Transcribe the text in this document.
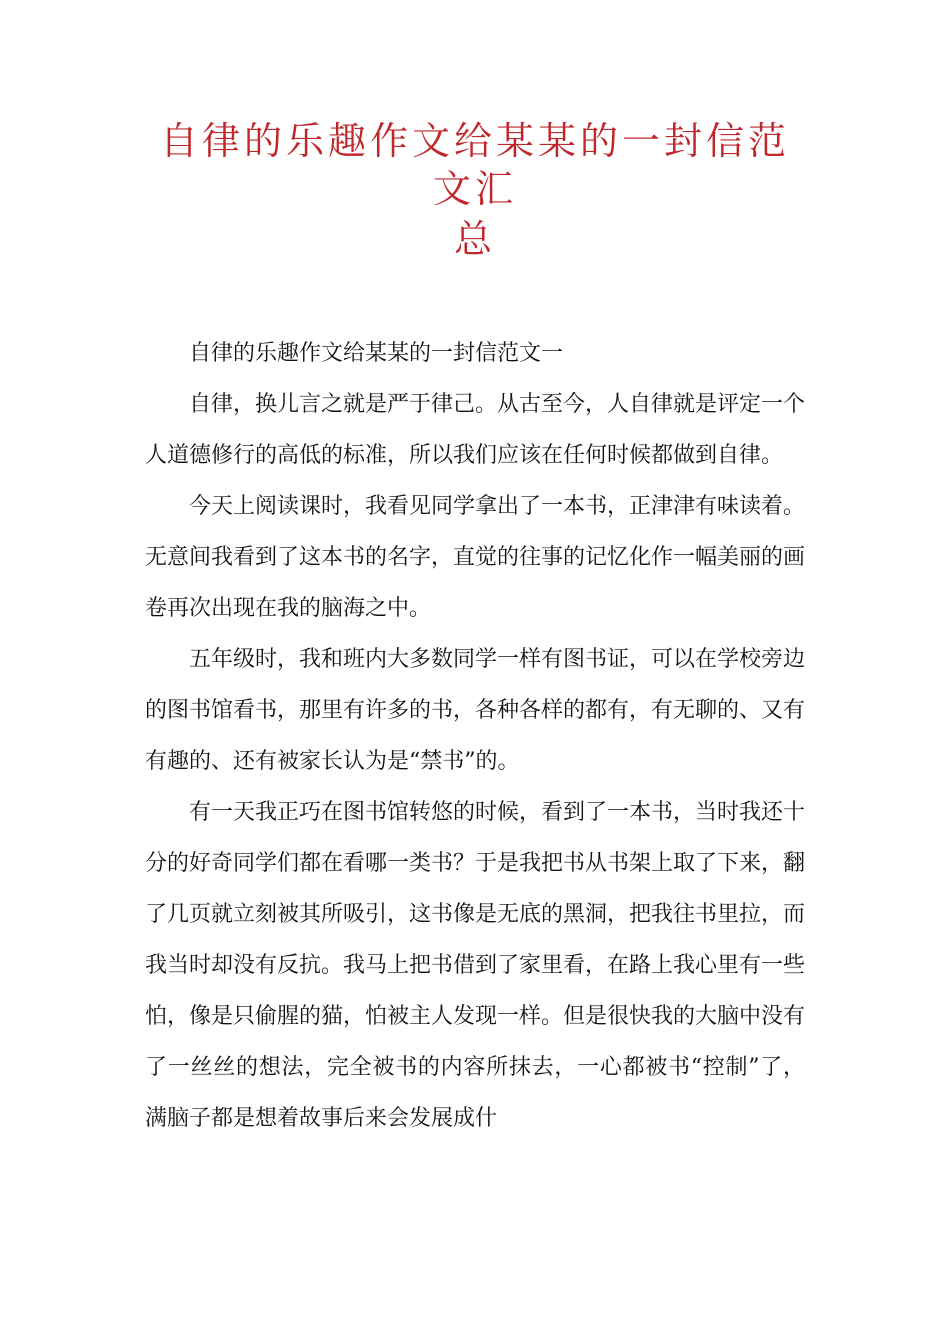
自律的乐趣作文给某某的一封信范文汇
总

自律的乐趣作文给某某的一封信范文一

自律，换儿言之就是严于律己。从古至今，人自律就是评定一个人道德修行的高低的标准，所以我们应该在任何时候都做到自律。

今天上阅读课时，我看见同学拿出了一本书，正津津有味读着。无意间我看到了这本书的名字，直觉的往事的记忆化作一幅美丽的画卷再次出现在我的脑海之中。

五年级时，我和班内大多数同学一样有图书证，可以在学校旁边的图书馆看书，那里有许多的书，各种各样的都有，有无聊的、又有有趣的、还有被家长认为是“禁书”的。

有一天我正巧在图书馆转悠的时候，看到了一本书，当时我还十分的好奇同学们都在看哪一类书？于是我把书从书架上取了下来，翻了几页就立刻被其所吸引，这书像是无底的黑洞，把我往书里拉，而我当时却没有反抗。我马上把书借到了家里看，在路上我心里有一些怕，像是只偷腥的猫，怕被主人发现一样。但是很快我的大脑中没有了一丝丝的想法，完全被书的内容所抹去，一心都被书“控制”了，满脑子都是想着故事后来会发展成什
